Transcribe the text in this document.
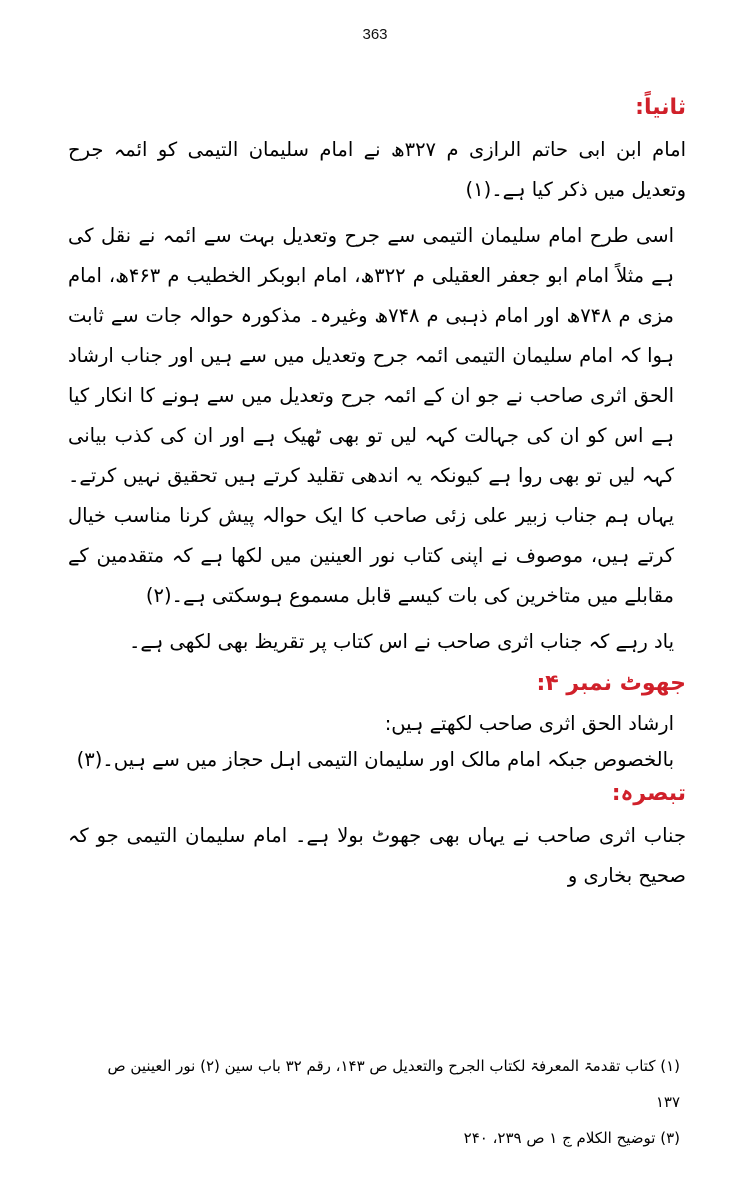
363
ثانیاً:

امام ابن ابی حاتم الرازی م ۳۲۷ھ نے امام سلیمان التیمی کو ائمہ جرح وتعدیل میں ذکر کیا ہے۔(۱)

اسی طرح امام سلیمان التیمی سے جرح وتعدیل بہت سے ائمہ نے نقل کی ہے مثلاً امام ابو جعفر العقیلی م ۳۲۲ھ، امام ابوبکر الخطیب م ۴۶۳ھ، امام مزی م ۷۴۸ھ اور امام ذہبی م ۷۴۸ھ وغیرہ۔ مذکورہ حوالہ جات سے ثابت ہوا کہ امام سلیمان التیمی ائمہ جرح وتعدیل میں سے ہیں اور جناب ارشاد الحق اثری صاحب نے جو ان کے ائمہ جرح وتعدیل میں سے ہونے کا انکار کیا ہے اس کو ان کی جہالت کہہ لیں تو بھی ٹھیک ہے اور ان کی کذب بیانی کہہ لیں تو بھی روا ہے کیونکہ یہ اندھی تقلید کرتے ہیں تحقیق نہیں کرتے۔ یہاں ہم جناب زبیر علی زئی صاحب کا ایک حوالہ پیش کرنا مناسب خیال کرتے ہیں، موصوف نے اپنی کتاب نور العینین میں لکھا ہے کہ متقدمین کے مقابلے میں متاخرین کی بات کیسے قابل مسموع ہوسکتی ہے۔(۲)

یاد رہے کہ جناب اثری صاحب نے اس کتاب پر تقریظ بھی لکھی ہے۔

جھوٹ نمبر ۴:

ارشاد الحق اثری صاحب لکھتے ہیں:

بالخصوص جبکہ امام مالک اور سلیمان التیمی اہل حجاز میں سے ہیں۔(۳)

تبصرہ:

جناب اثری صاحب نے یہاں بھی جھوٹ بولا ہے۔ امام سلیمان التیمی جو کہ صحیح بخاری و

(۱) کتاب تقدمۃ المعرفۃ لکتاب الجرح والتعدیل ص ۱۴۳، رقم ۳۲ باب سین (۲) نور العینین ص ۱۳۷

(۳) توضیح الکلام ج ۱ ص ۲۳۹، ۲۴۰
